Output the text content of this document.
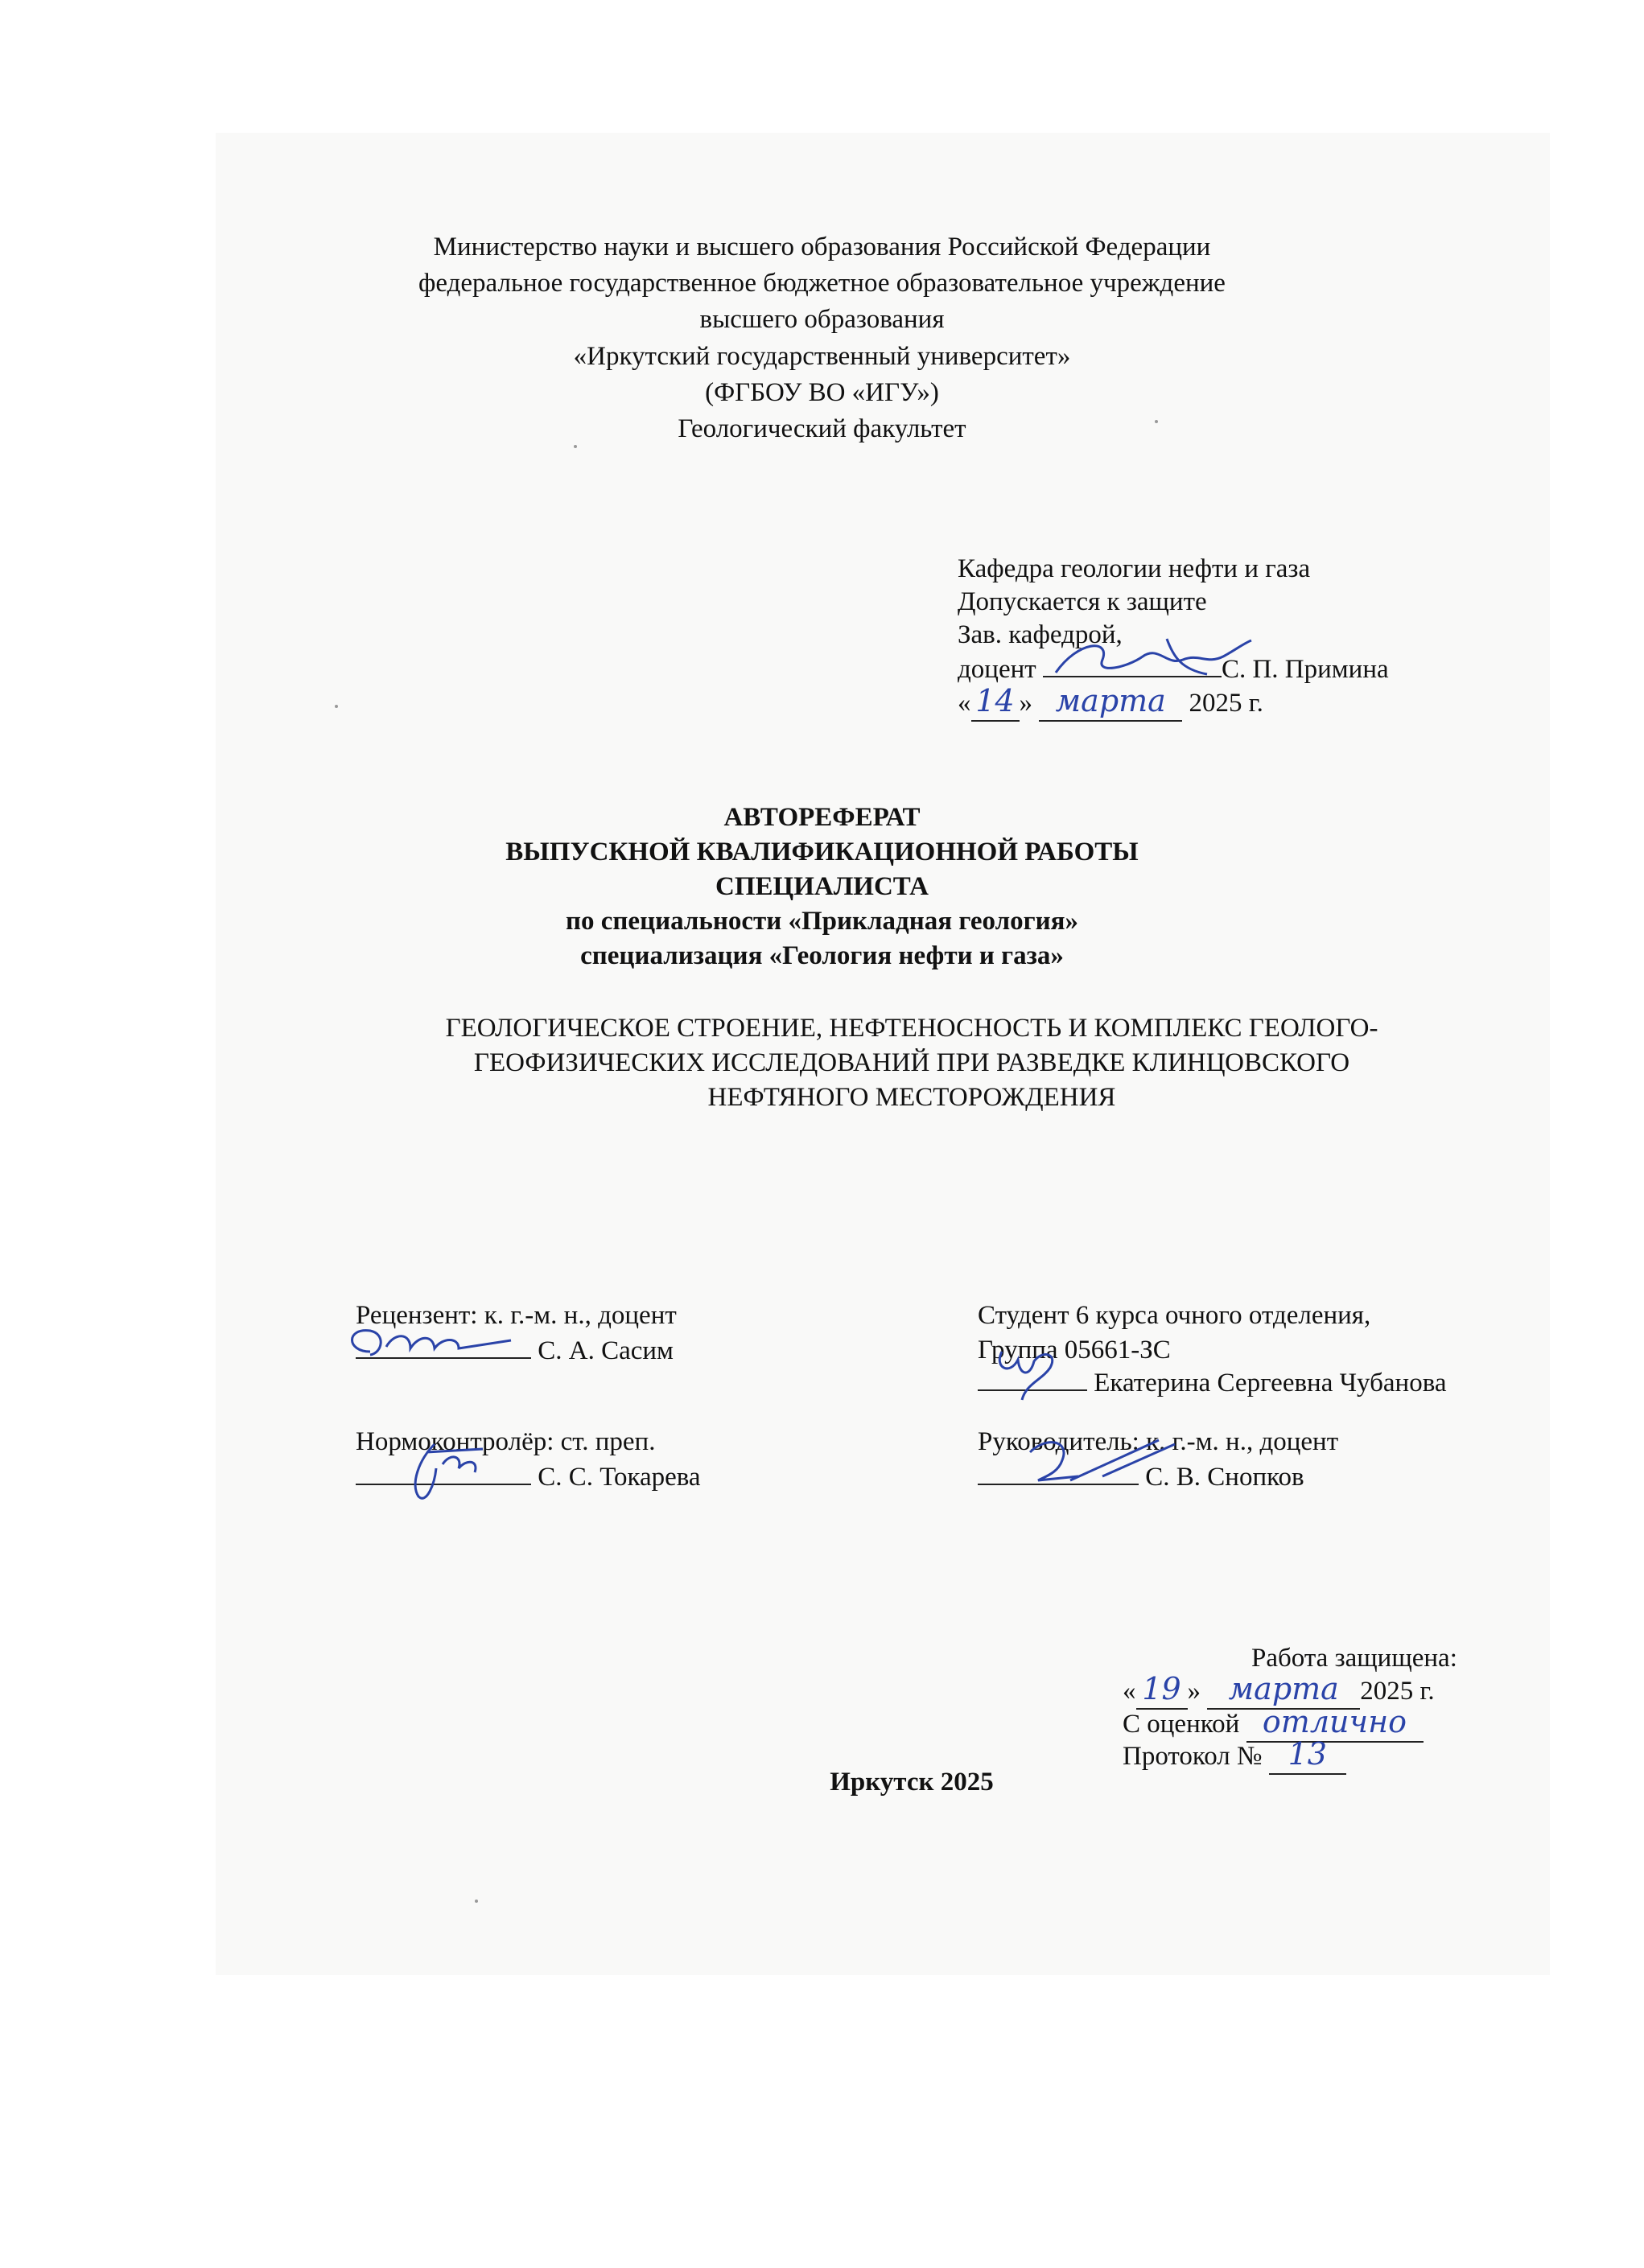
Министерство науки и высшего образования Российской Федерации
федеральное государственное бюджетное образовательное учреждение
высшего образования
«Иркутский государственный университет»
(ФГБОУ ВО «ИГУ»)
Геологический факультет
Кафедра геологии нефти и газа
Допускается к защите
Зав. кафедрой,
доцент	С. П. Примина
« 14 » марта 2025 г.
АВТОРЕФЕРАТ
ВЫПУСКНОЙ КВАЛИФИКАЦИОННОЙ РАБОТЫ
СПЕЦИАЛИСТА
по специальности «Прикладная геология»
специализация «Геология нефти и газа»
ГЕОЛОГИЧЕСКОЕ СТРОЕНИЕ, НЕФТЕНОСНОСТЬ И КОМПЛЕКС ГЕОЛОГО-
ГЕОФИЗИЧЕСКИХ ИССЛЕДОВАНИЙ ПРИ РАЗВЕДКЕ КЛИНЦОВСКОГО
НЕФТЯНОГО МЕСТОРОЖДЕНИЯ
Рецензент: к. г.-м. н., доцент
С. А. Сасим
Студент 6 курса очного отделения,
Группа 05661-ЗС
Екатерина Сергеевна Чубанова
Нормоконтролёр: ст. преп.
С. С. Токарева
Руководитель: к. г.-м. н., доцент
С. В. Снопков
Работа защищена:
« 19 » марта 2025 г.
С оценкой отлично
Протокол № 13
Иркутск 2025
